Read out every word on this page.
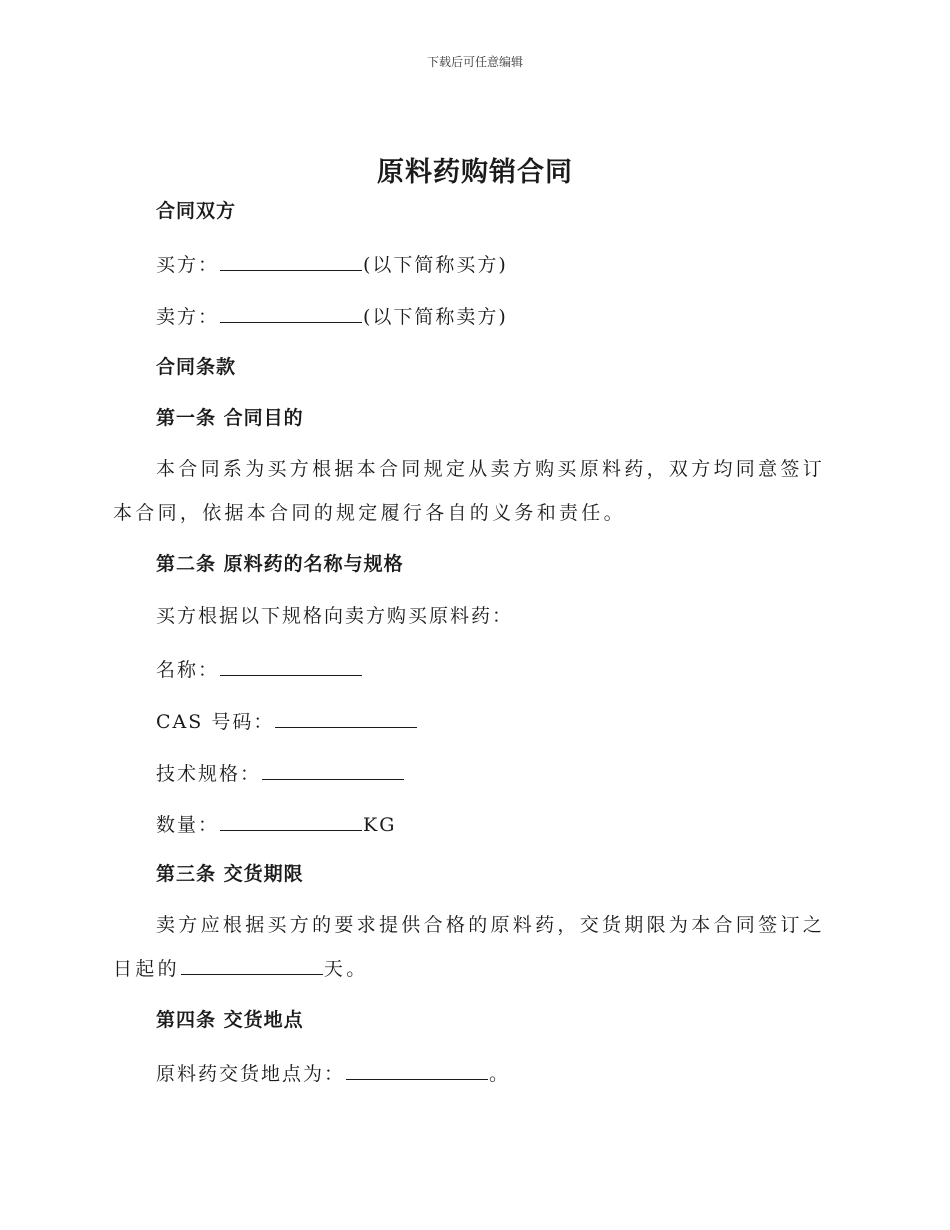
下载后可任意编辑
原料药购销合同
合同双方
买方：	(以下简称买方)
卖方：	(以下简称卖方)
合同条款
第一条 合同目的
本合同系为买方根据本合同规定从卖方购买原料药，双方均同意签订本合同，依据本合同的规定履行各自的义务和责任。
第二条 原料药的名称与规格
买方根据以下规格向卖方购买原料药：
名称：
CAS 号码：
技术规格：
数量：	KG
第三条 交货期限
卖方应根据买方的要求提供合格的原料药，交货期限为本合同签订之日起的	天。
第四条 交货地点
原料药交货地点为：	。
